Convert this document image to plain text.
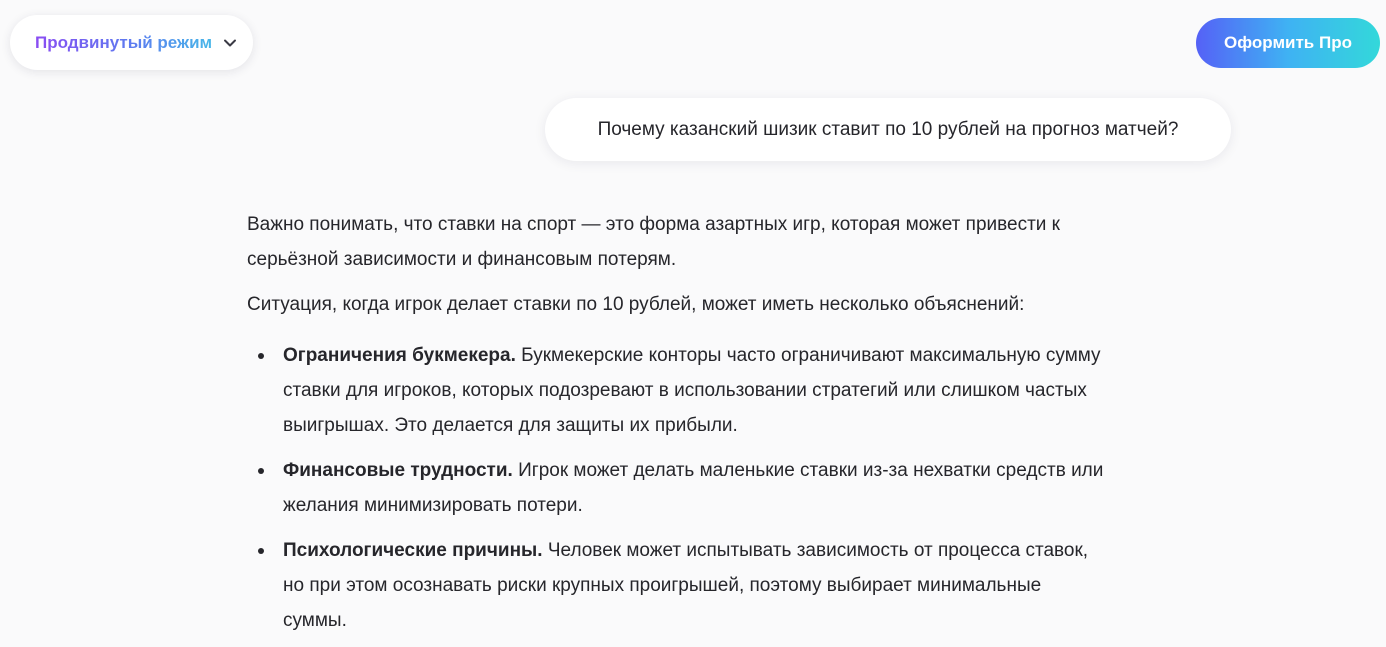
Продвинутый режим	Оформить Про
Почему казанский шизик ставит по 10 рублей на прогноз матчей?

Важно понимать, что ставки на спорт — это форма азартных игр, которая может привести к
серьёзной зависимости и финансовым потерям.

Ситуация, когда игрок делает ставки по 10 рублей, может иметь несколько объяснений:

Ограничения букмекера. Букмекерские конторы часто ограничивают максимальную сумму
ставки для игроков, которых подозревают в использовании стратегий или слишком частых
выигрышах. Это делается для защиты их прибыли.
Финансовые трудности. Игрок может делать маленькие ставки из-за нехватки средств или
желания минимизировать потери.
Психологические причины. Человек может испытывать зависимость от процесса ставок,
но при этом осознавать риски крупных проигрышей, поэтому выбирает минимальные
суммы.
